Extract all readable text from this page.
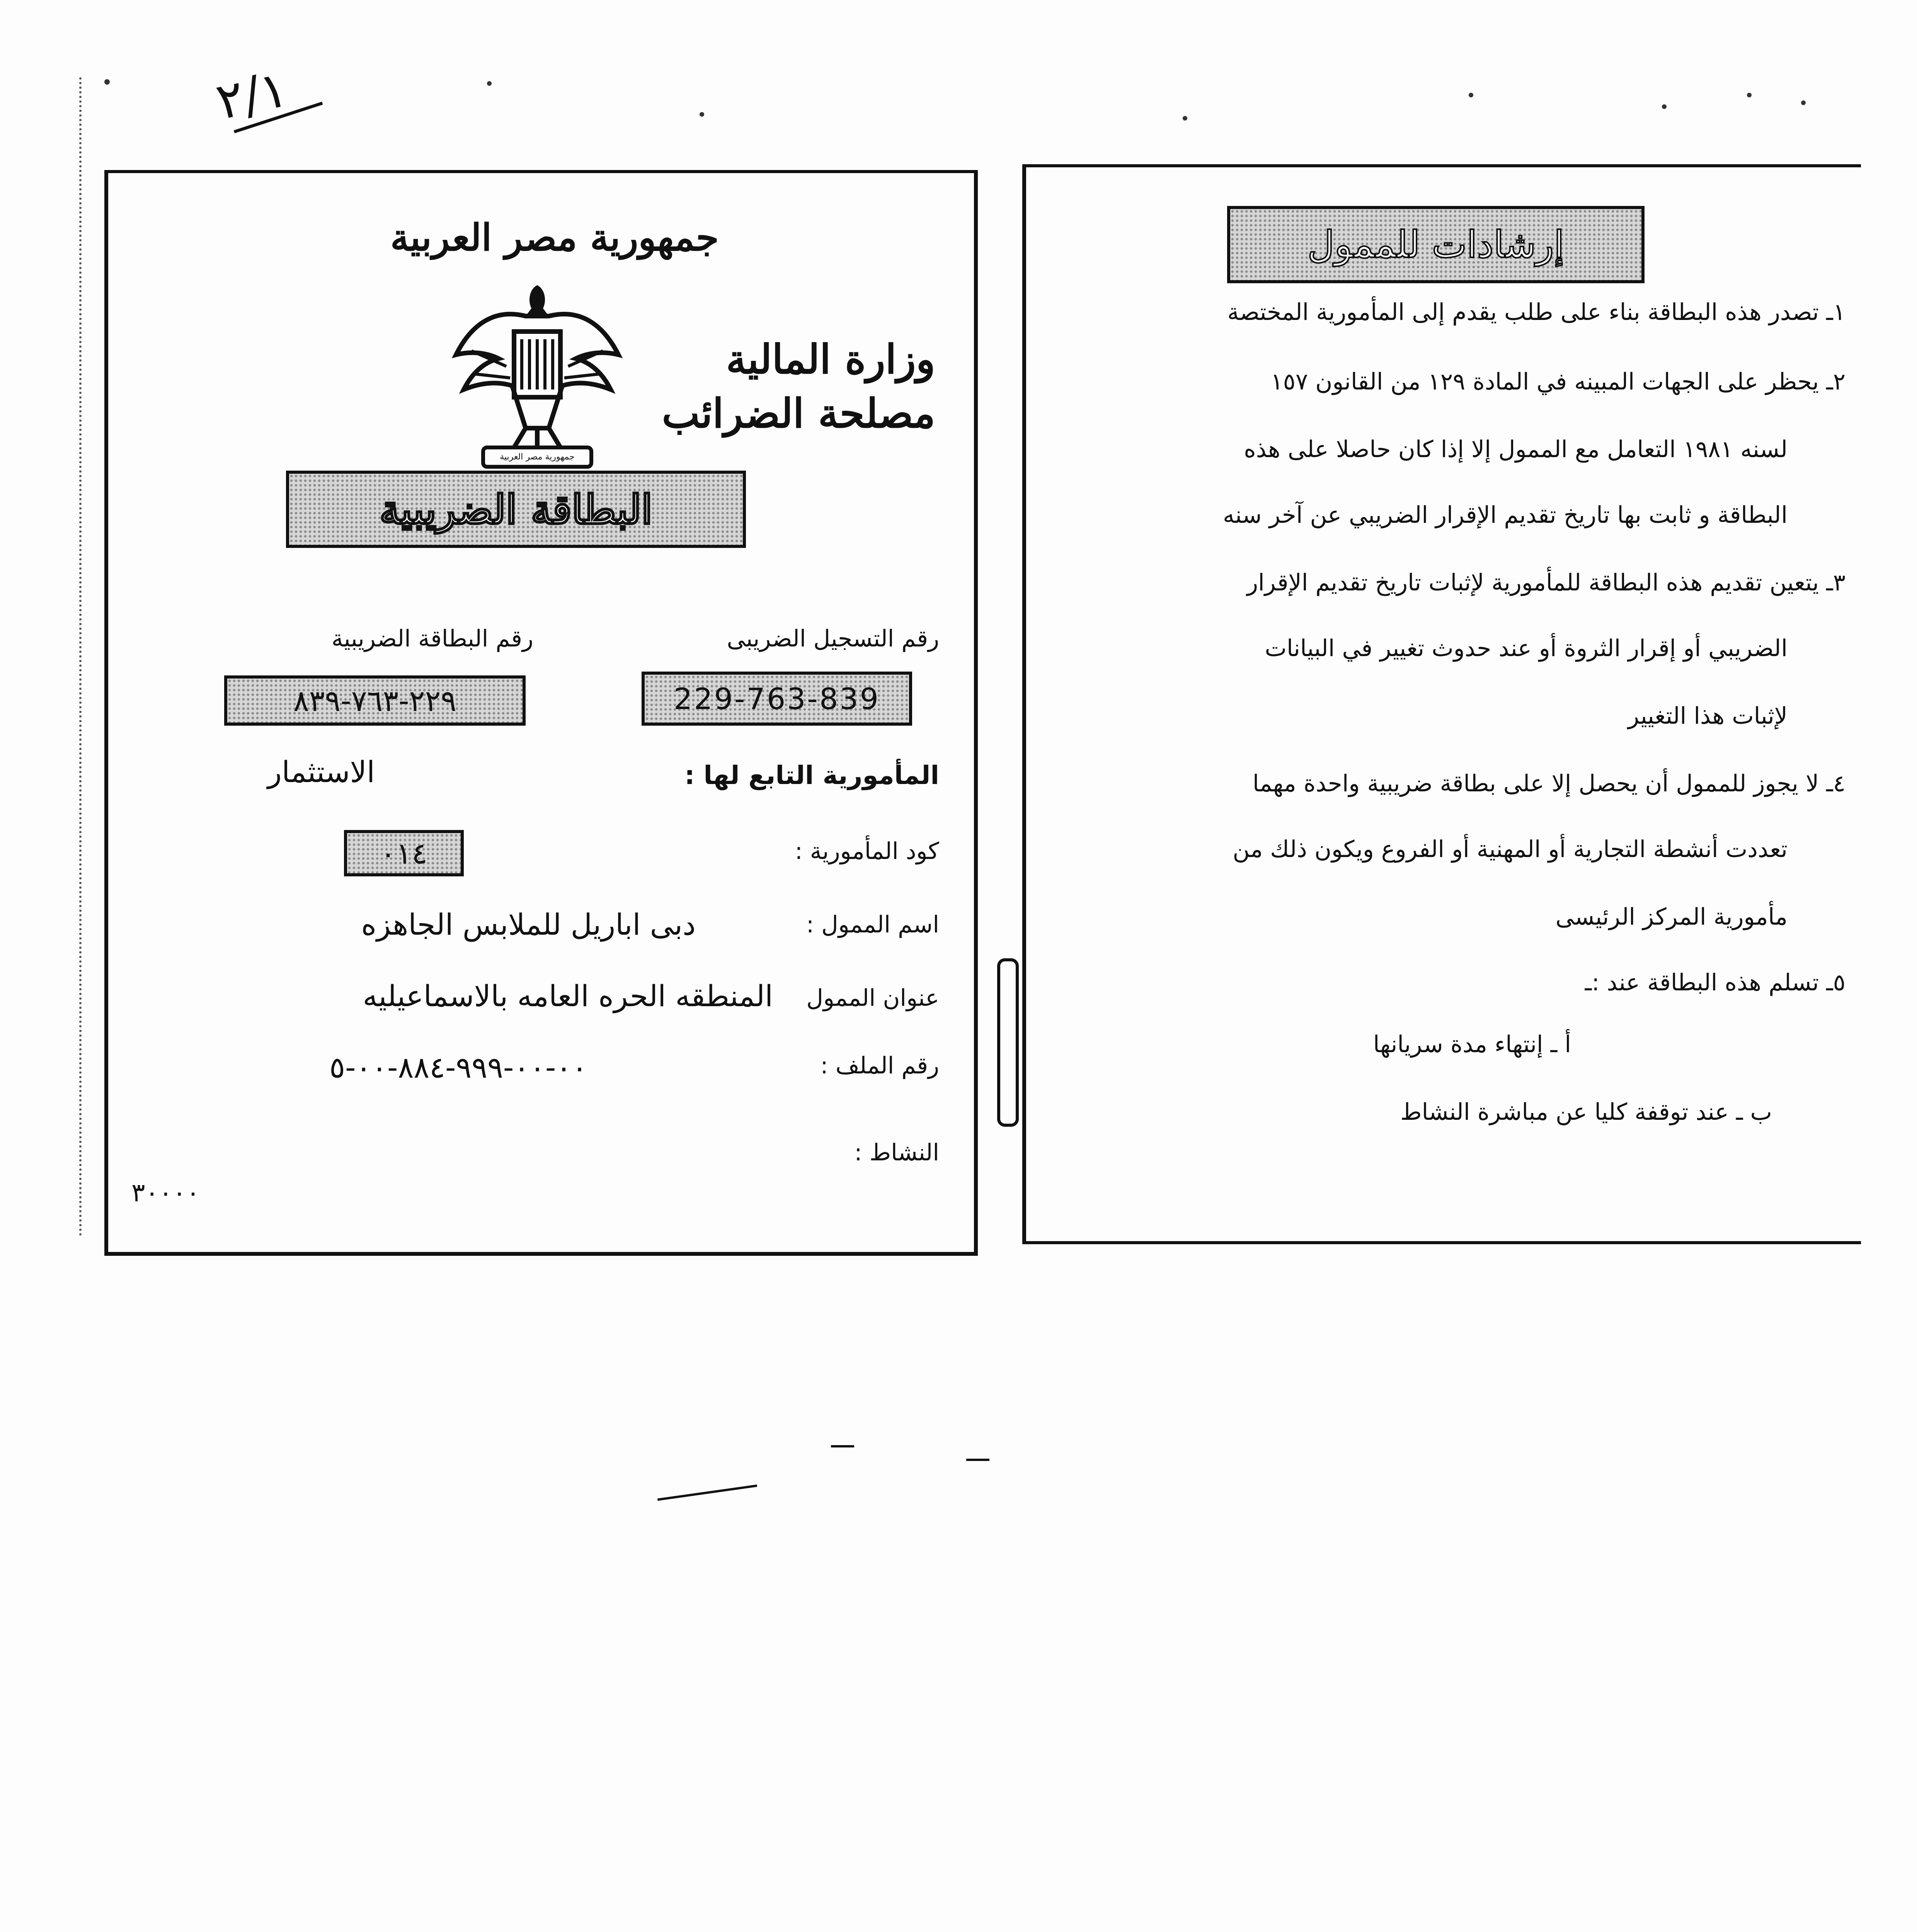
٢/١
جمهورية مصر العربية
جمهورية مصر العربية
وزارة المالية
مصلحة الضرائب
البطاقة الضريبية
رقم التسجيل الضريبى
رقم البطاقة الضريبية
229-763-839
٢٢٩-٧٦٣-٨٣٩
المأمورية التابع لها :
الاستثمار
كود المأمورية :
٠١٤
اسم الممول :
دبى اباريل للملابس الجاهزه
عنوان الممول
المنطقه الحره العامه بالاسماعيليه
رقم الملف :
٠٠-٠٠-٩٩٩-٨٨٤-٠٠-٥
النشاط :
٣٠٠٠٠
إرشادات للممول
١ـ تصدر هذه البطاقة بناء على طلب يقدم إلى المأمورية المختصة
٢ـ يحظر على الجهات المبينه في المادة ١٢٩ من القانون ١٥٧
لسنه ١٩٨١ التعامل مع الممول إلا إذا كان حاصلا على هذه
البطاقة و ثابت بها تاريخ تقديم الإقرار الضريبي عن آخر سنه
٣ـ يتعين تقديم هذه البطاقة للمأمورية لإثبات تاريخ تقديم الإقرار
الضريبي أو إقرار الثروة أو عند حدوث تغيير في البيانات
لإثبات هذا التغيير
٤ـ لا يجوز للممول أن يحصل إلا على بطاقة ضريبية واحدة مهما
تعددت أنشطة التجارية أو المهنية أو الفروع ويكون ذلك من
مأمورية المركز الرئيسى
٥ـ تسلم هذه البطاقة عند :ـ
أ ـ إنتهاء مدة سريانها
ب ـ عند توقفة كليا عن مباشرة النشاط
